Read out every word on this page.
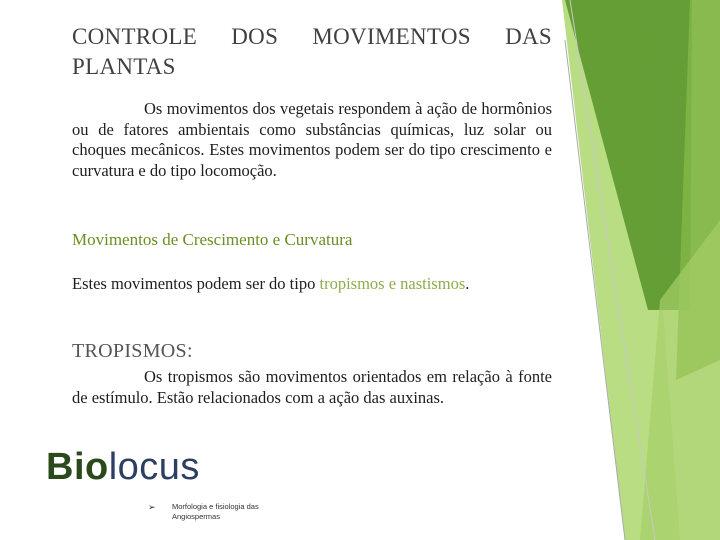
CONTROLE DOS MOVIMENTOS DAS
PLANTAS
Os movimentos dos vegetais respondem à ação de hormônios ou de fatores ambientais como substâncias químicas, luz solar ou choques mecânicos. Estes movimentos podem ser do tipo crescimento e curvatura e do tipo locomoção.
Movimentos de Crescimento e Curvatura
Estes movimentos podem ser do tipo tropismos e nastismos.
TROPISMOS:
Os tropismos são movimentos orientados em relação à fonte de estímulo. Estão relacionados com a ação das auxinas.
Biolocus
➢ Morfologia e fisiologia das Angiospermas
